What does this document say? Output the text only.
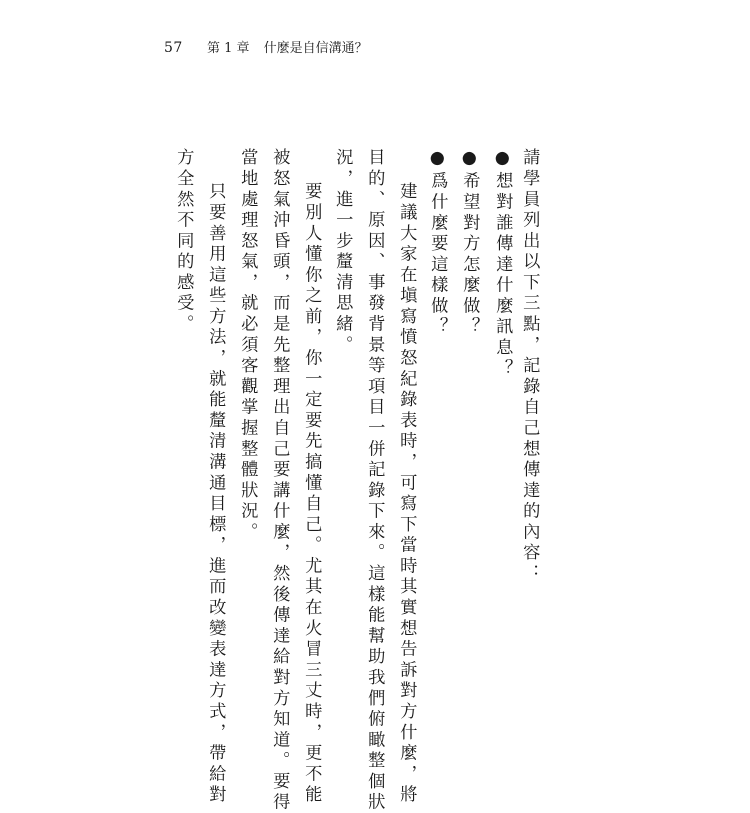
57 第 1 章 什麼是自信溝通？
請學員列出以下三點，記錄自己想傳達的內容：
●想對誰傳達什麼訊息？
●希望對方怎麼做？
●爲什麼要這樣做？
建議大家在塡寫憤怒紀錄表時，可寫下當時其實想告訴對方什麼，將
目的、原因、事發背景等項目一併記錄下來。這樣能幫助我們俯瞰整個狀
況，進一步釐清思緒。
要別人懂你之前，你一定要先搞懂自己。尤其在火冒三丈時，更不能
被怒氣沖昏頭，而是先整理出自己要講什麼，然後傳達給對方知道。要得
當地處理怒氣，就必須客觀掌握整體狀況。
只要善用這些方法，就能釐清溝通目標，進而改變表達方式，帶給對
方全然不同的感受。
